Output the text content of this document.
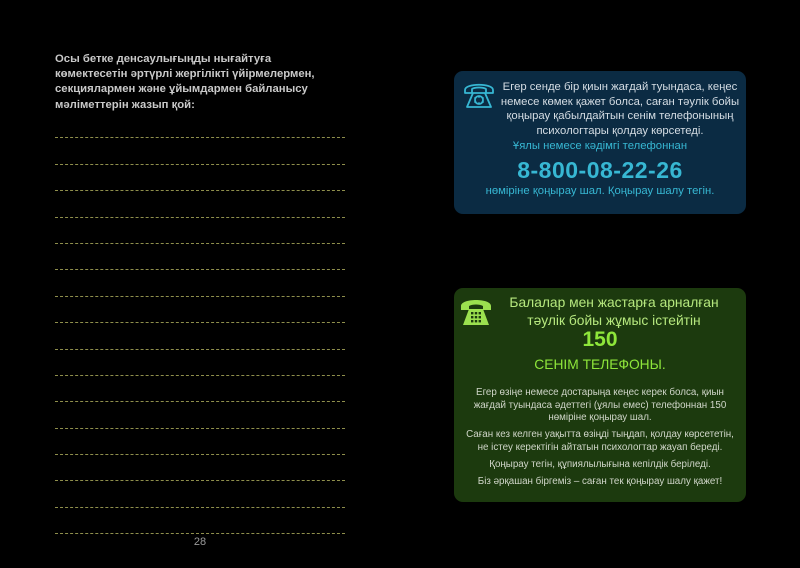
Осы бетке денсаулығыңды нығайтуға көмектесетін әртүрлі жергілікті үйірмелермен, секциялармен және ұйымдармен байланысу мәліметтерін жазып қой:
28
Егер сенде бір қиын жағдай туындаса, кеңес немесе көмек қажет болса, саған тәулік бойы қоңырау қабылдайтын сенім телефонының психологтары қолдау көрсетеді.
Ұялы немесе кәдімгі телефоннан
8-800-08-22-26
нөміріне қоңырау шал. Қоңырау шалу тегін.
Балалар мен жастарға арналған тәулік бойы жұмыс істейтін
150
СЕНІМ ТЕЛЕФОНЫ.

Егер өзіңе немесе достарыңа кеңес керек болса, қиын жағдай туындаса әдеттегі (ұялы емес) телефоннан 150 нөміріне қоңырау шал.

Саған кез келген уақытта өзіңді тыңдап, қолдау көрсететін, не істеу керектігін айтатын психологтар жауап береді.

Қоңырау тегін, құпиялылығына кепілдік беріледі.

Біз әрқашан біргеміз – саған тек қоңырау шалу қажет!
